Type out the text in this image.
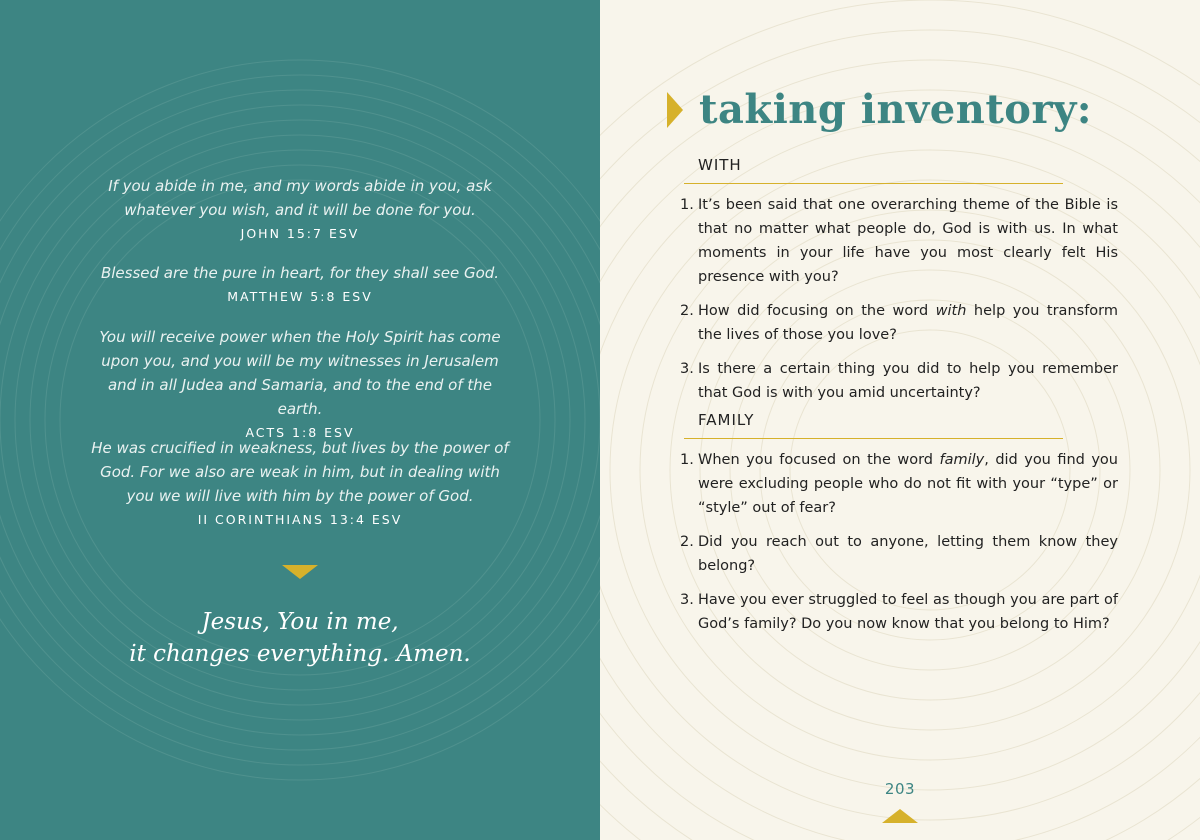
If you abide in me, and my words abide in you, ask whatever you wish, and it will be done for you.
JOHN 15:7 ESV

Blessed are the pure in heart, for they shall see God.
MATTHEW 5:8 ESV

You will receive power when the Holy Spirit has come upon you, and you will be my witnesses in Jerusalem and in all Judea and Samaria, and to the end of the earth.
ACTS 1:8 ESV

He was crucified in weakness, but lives by the power of God. For we also are weak in him, but in dealing with you we will live with him by the power of God.
II CORINTHIANS 13:4 ESV

Jesus, You in me,
it changes everything. Amen.

taking inventory:

WITH

1. It’s been said that one overarching theme of the Bible is that no matter what people do, God is with us. In what moments in your life have you most clearly felt His presence with you?
2. How did focusing on the word with help you transform the lives of those you love?
3. Is there a certain thing you did to help you remember that God is with you amid uncertainty?

FAMILY

1. When you focused on the word family, did you find you were excluding people who do not fit with your “type” or “style” out of fear?
2. Did you reach out to anyone, letting them know they belong?
3. Have you ever struggled to feel as though you are part of God’s family? Do you now know that you belong to Him?

203
